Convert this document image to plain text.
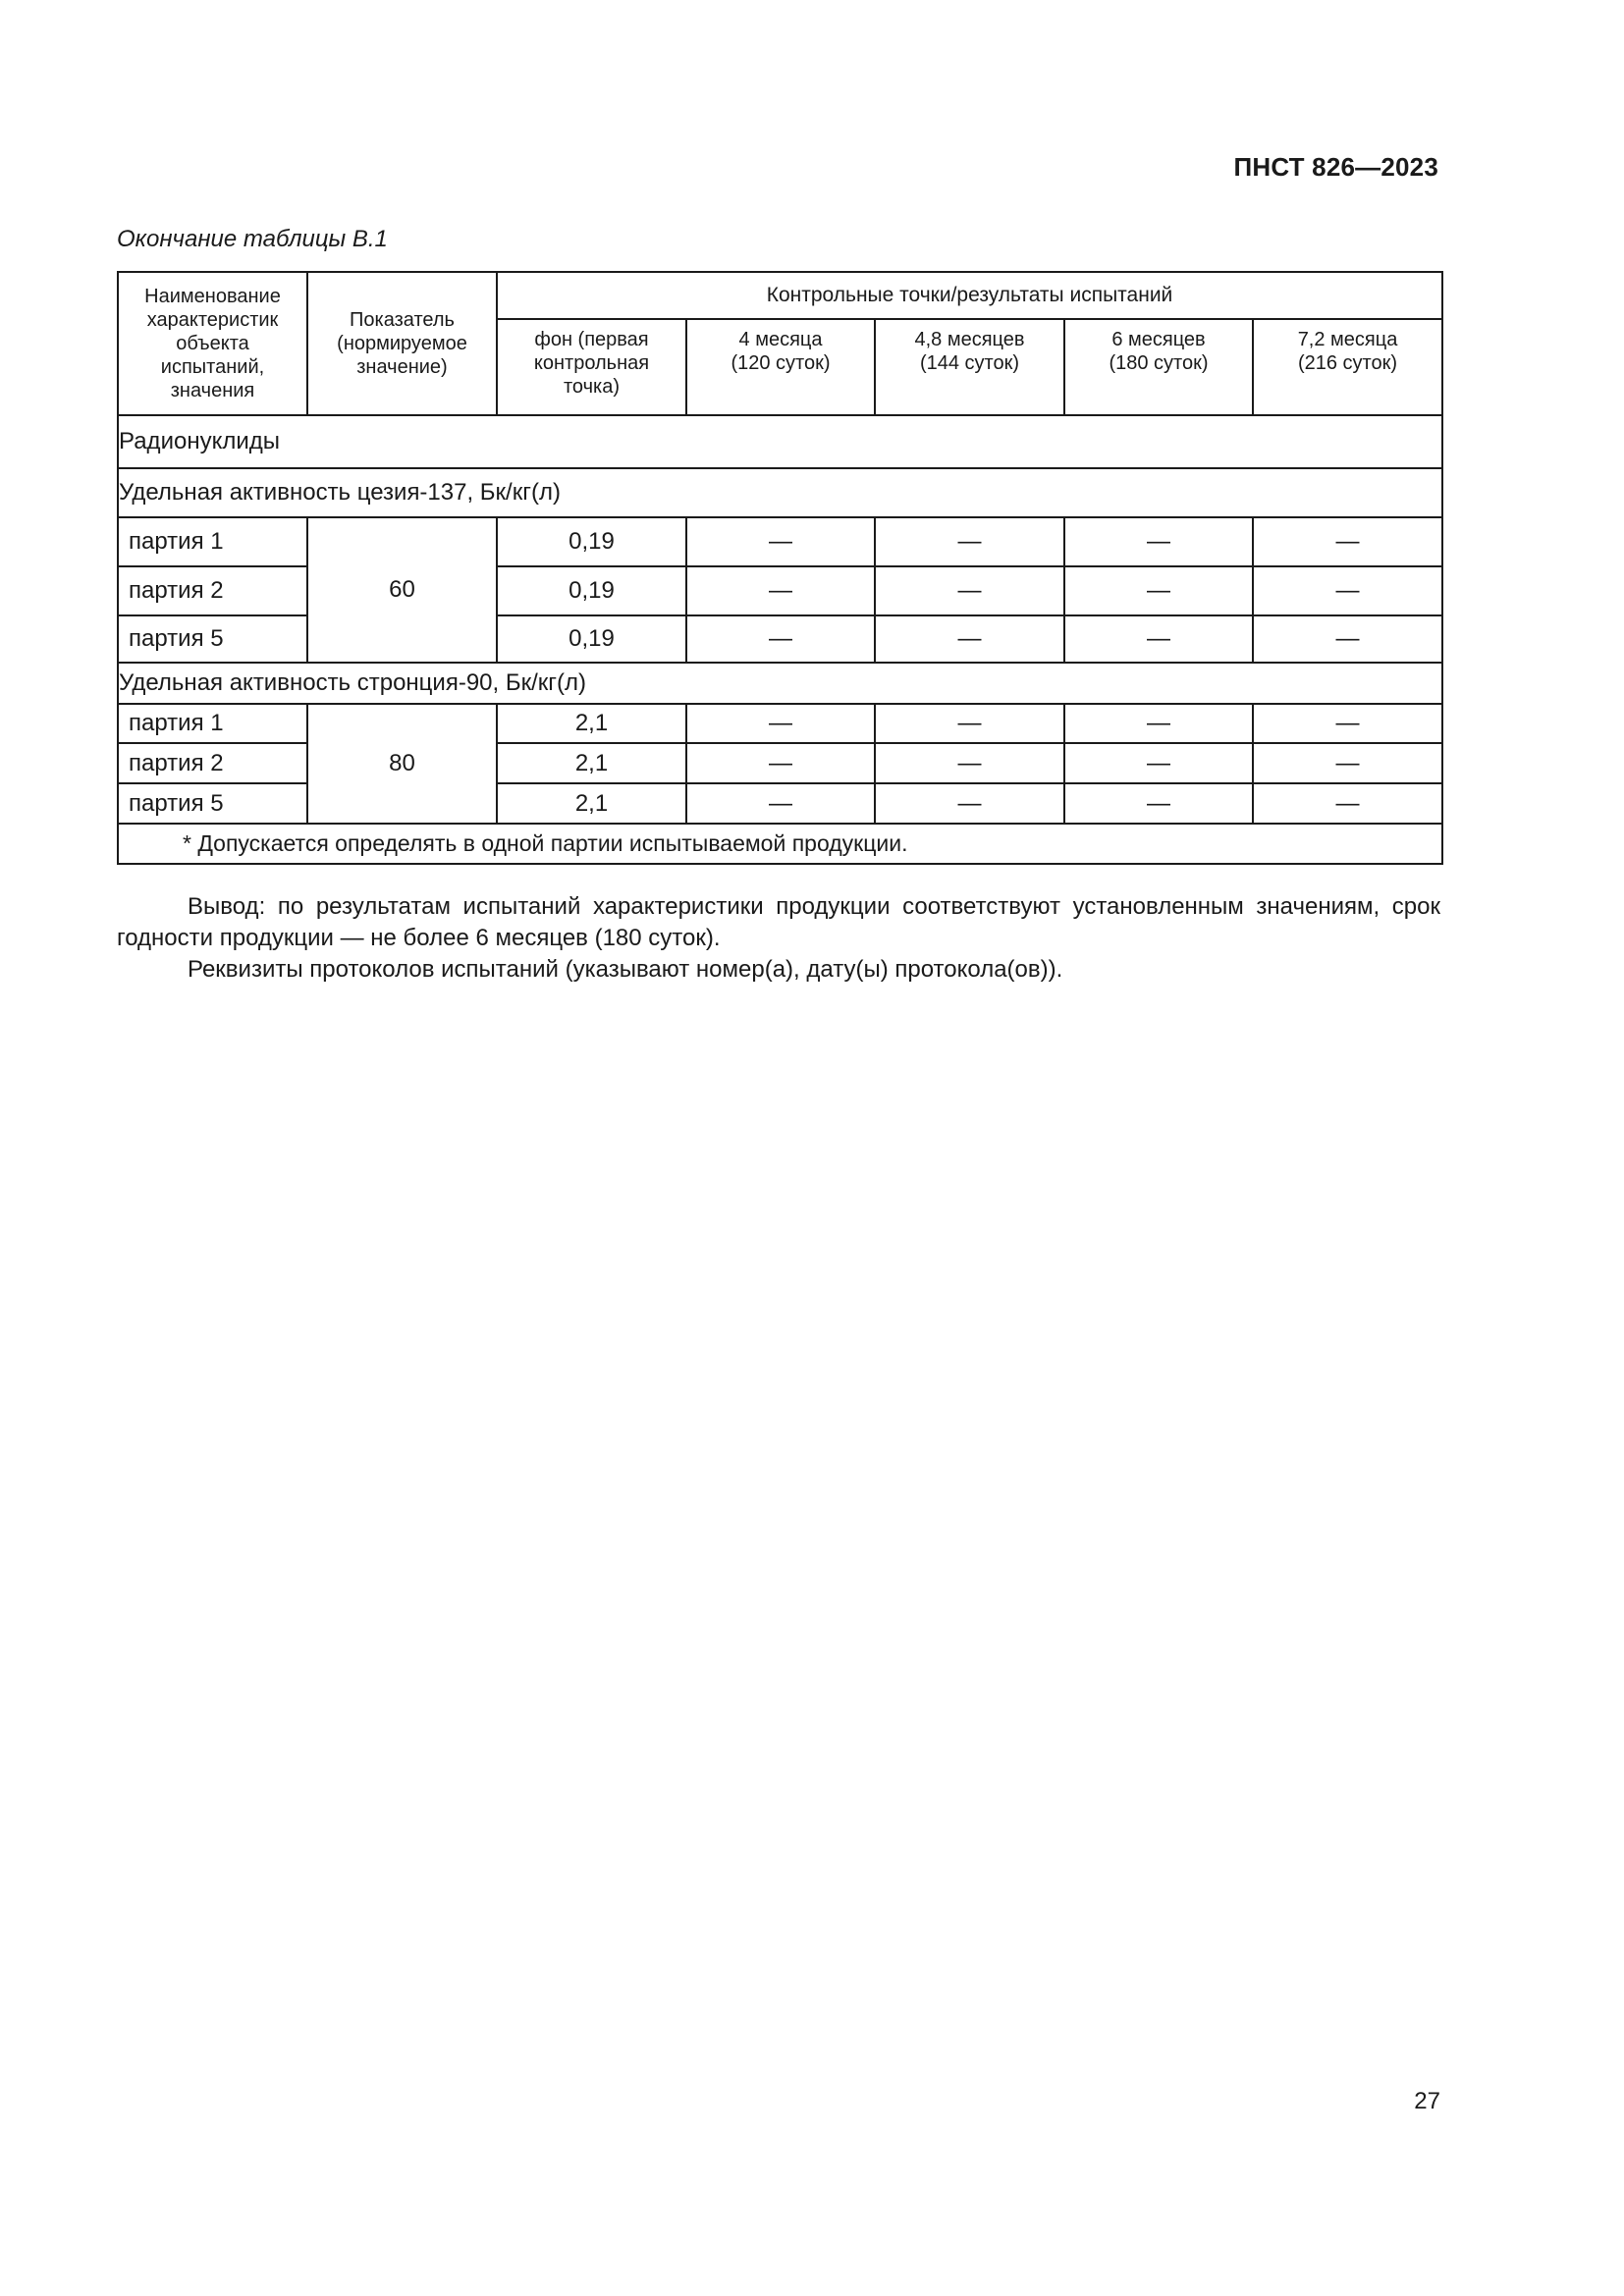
ПНСТ 826—2023
Окончание таблицы В.1
Наименование характеристик объекта испытаний, значения	Показатель (нормируемое значение)	Контрольные точки/результаты испытаний				
		фон (первая контрольная точка)	4 месяца (120 суток)	4,8 месяцев (144 суток)	6 месяцев (180 суток)	7,2 месяца (216 суток)
Радионуклиды						
Удельная активность цезия-137, Бк/кг(л)						
партия 1	60	0,19	—	—	—	—
партия 2		0,19	—	—	—	—
партия 5		0,19	—	—	—	—
Удельная активность стронция-90, Бк/кг(л)						
партия 1	80	2,1	—	—	—	—
партия 2		2,1	—	—	—	—
партия 5		2,1	—	—	—	—
* Допускается определять в одной партии испытываемой продукции.						

Вывод: по результатам испытаний характеристики продукции соответствуют установленным значениям, срок годности продукции — не более 6 месяцев (180 суток).

Реквизиты протоколов испытаний (указывают номер(а), дату(ы) протокола(ов)).

27
